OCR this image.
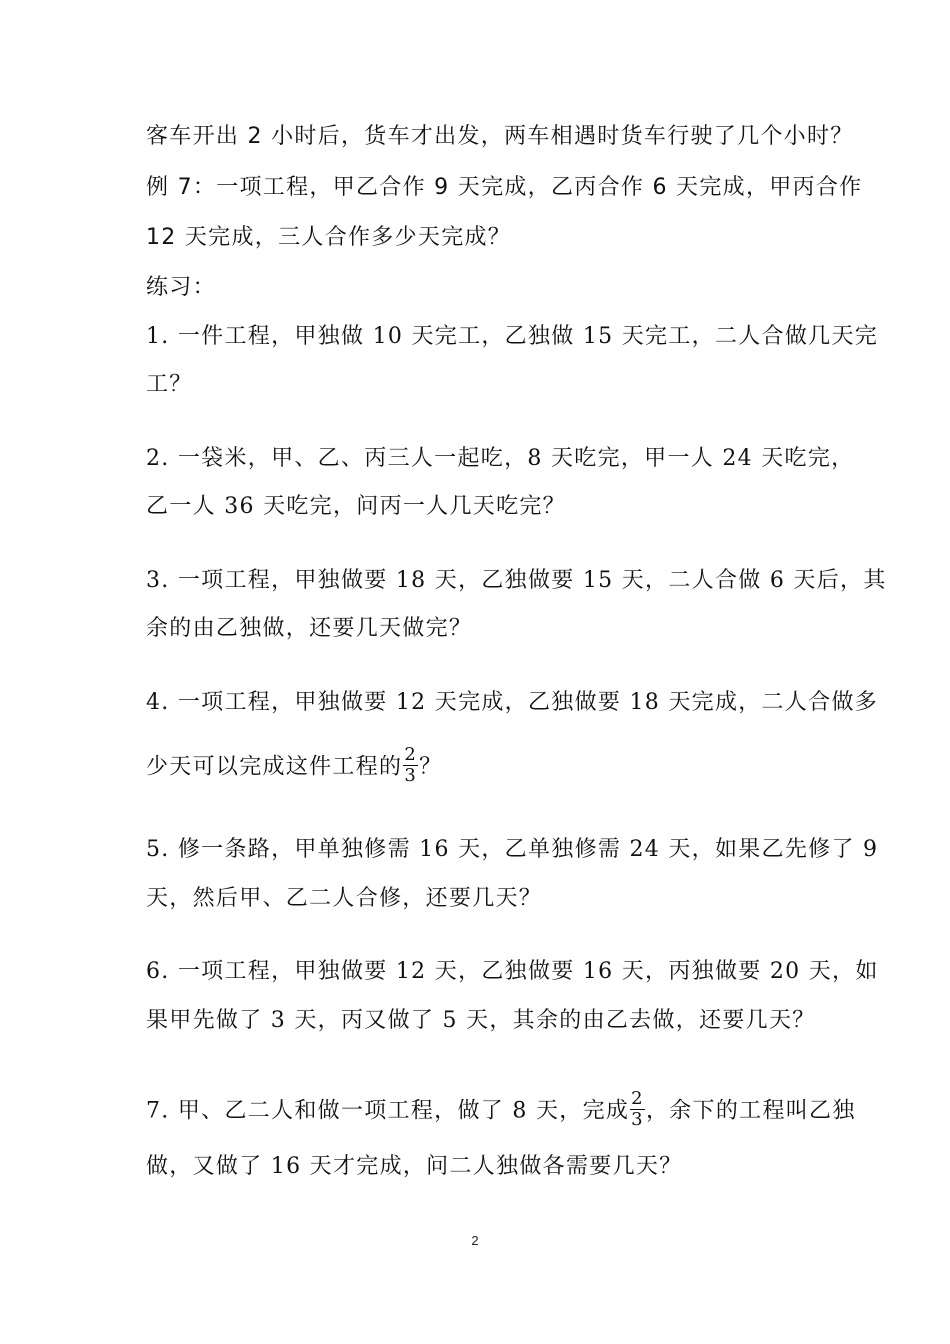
客车开出 2 小时后，货车才出发，两车相遇时货车行驶了几个小时？
例 7：一项工程，甲乙合作 9 天完成，乙丙合作 6 天完成，甲丙合作
12 天完成，三人合作多少天完成？
练习：
1. 一件工程，甲独做 10 天完工，乙独做 15 天完工，二人合做几天完
工？
2. 一袋米，甲、乙、丙三人一起吃，8 天吃完，甲一人 24 天吃完，
乙一人 36 天吃完，问丙一人几天吃完？
3. 一项工程，甲独做要 18 天，乙独做要 15 天，二人合做 6 天后，其
余的由乙独做，还要几天做完？
4. 一项工程，甲独做要 12 天完成，乙独做要 18 天完成，二人合做多
少天可以完成这件工程的 $\frac{2}{3}$ ？
5. 修一条路，甲单独修需 16 天，乙单独修需 24 天，如果乙先修了 9
天，然后甲、乙二人合修，还要几天？
6. 一项工程，甲独做要 12 天，乙独做要 16 天，丙独做要 20 天，如
果甲先做了 3 天，丙又做了 5 天，其余的由乙去做，还要几天？
7. 甲、乙二人和做一项工程，做了 8 天，完成 $\frac{2}{3}$ ，余下的工程叫乙独
做，又做了 16 天才完成，问二人独做各需要几天？
2
